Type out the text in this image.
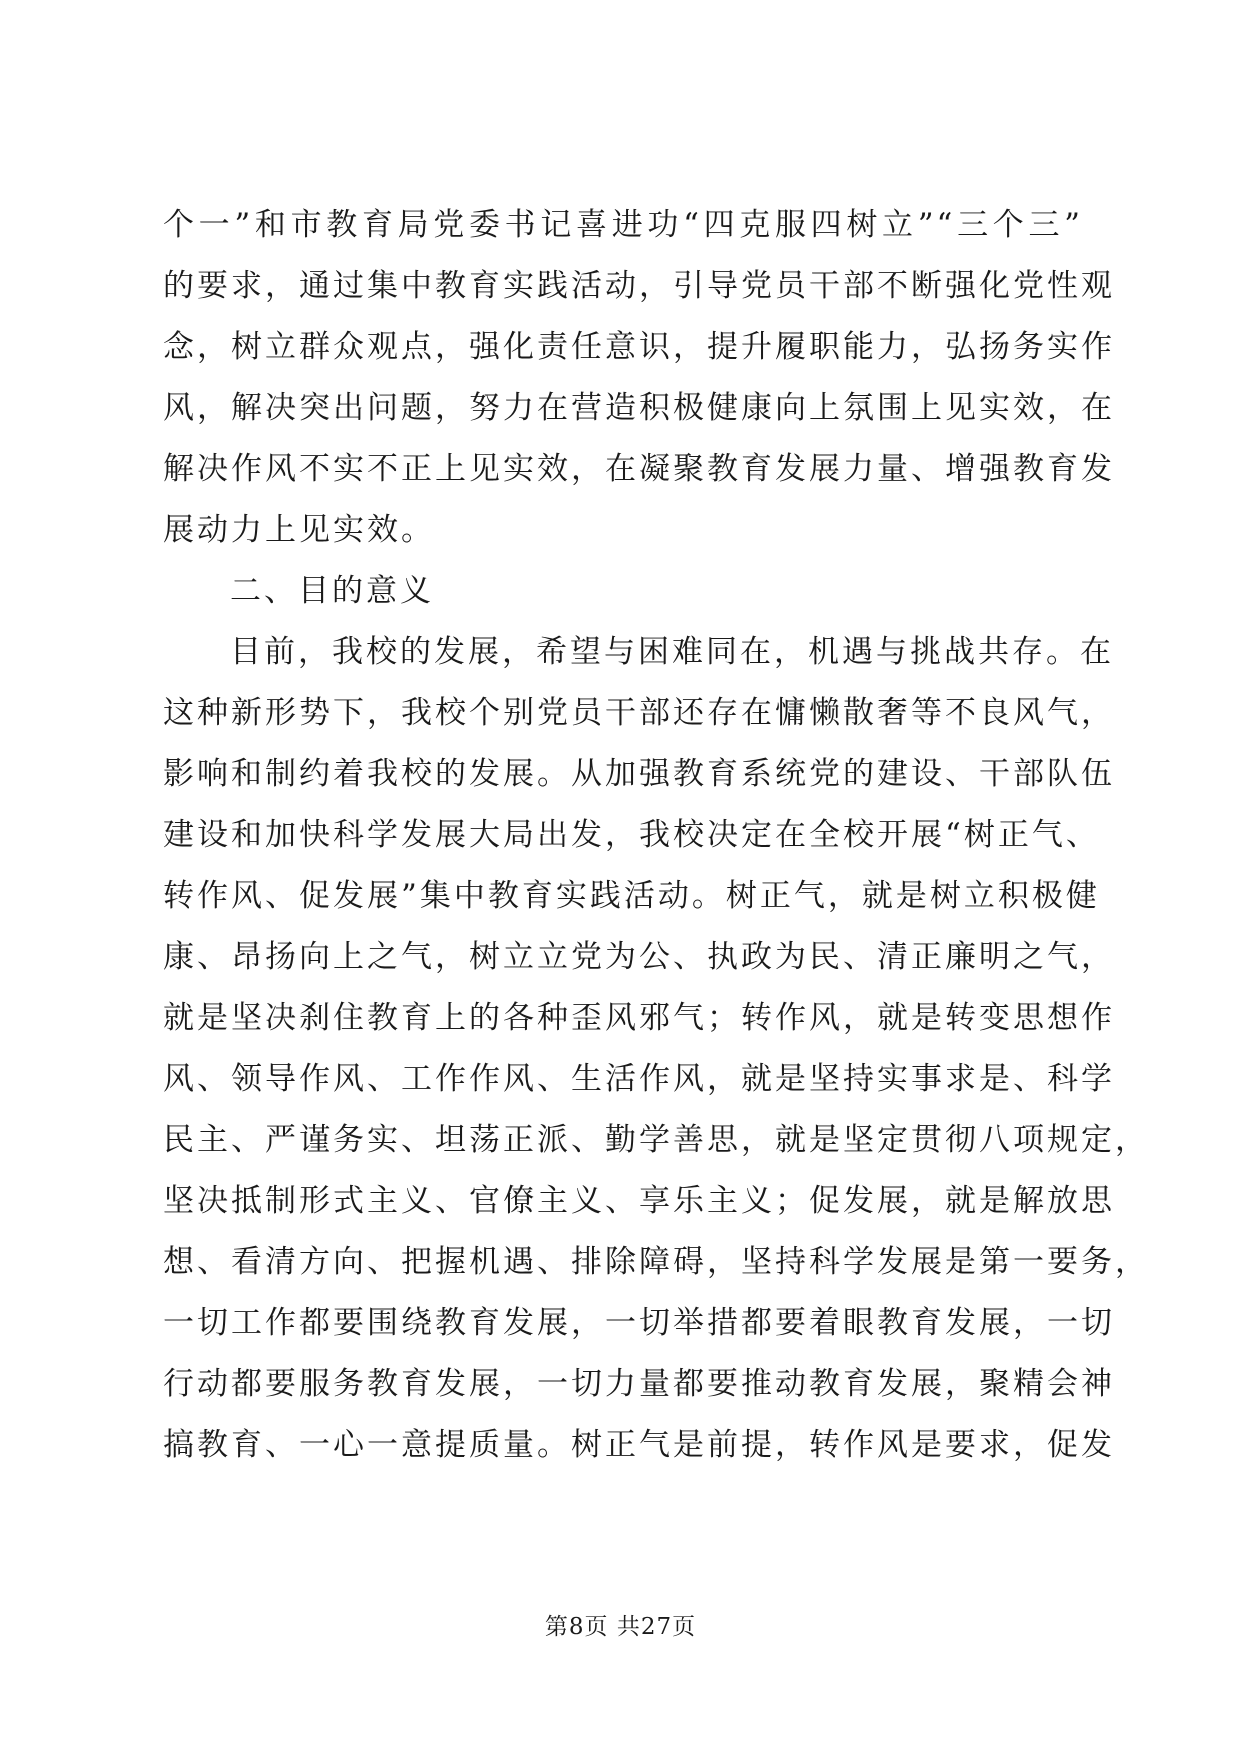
个一”和市教育局党委书记喜进功“四克服四树立”“三个三”
的要求，通过集中教育实践活动，引导党员干部不断强化党性观
念，树立群众观点，强化责任意识，提升履职能力，弘扬务实作
风，解决突出问题，努力在营造积极健康向上氛围上见实效，在
解决作风不实不正上见实效，在凝聚教育发展力量、增强教育发
展动力上见实效。
二、目的意义
目前，我校的发展，希望与困难同在，机遇与挑战共存。在
这种新形势下，我校个别党员干部还存在慵懒散奢等不良风气，
影响和制约着我校的发展。从加强教育系统党的建设、干部队伍
建设和加快科学发展大局出发，我校决定在全校开展“树正气、
转作风、促发展”集中教育实践活动。树正气，就是树立积极健
康、昂扬向上之气，树立立党为公、执政为民、清正廉明之气，
就是坚决刹住教育上的各种歪风邪气；转作风，就是转变思想作
风、领导作风、工作作风、生活作风，就是坚持实事求是、科学
民主、严谨务实、坦荡正派、勤学善思，就是坚定贯彻八项规定，
坚决抵制形式主义、官僚主义、享乐主义；促发展，就是解放思
想、看清方向、把握机遇、排除障碍，坚持科学发展是第一要务，
一切工作都要围绕教育发展，一切举措都要着眼教育发展，一切
行动都要服务教育发展，一切力量都要推动教育发展，聚精会神
搞教育、一心一意提质量。树正气是前提，转作风是要求，促发
第8页 共27页
